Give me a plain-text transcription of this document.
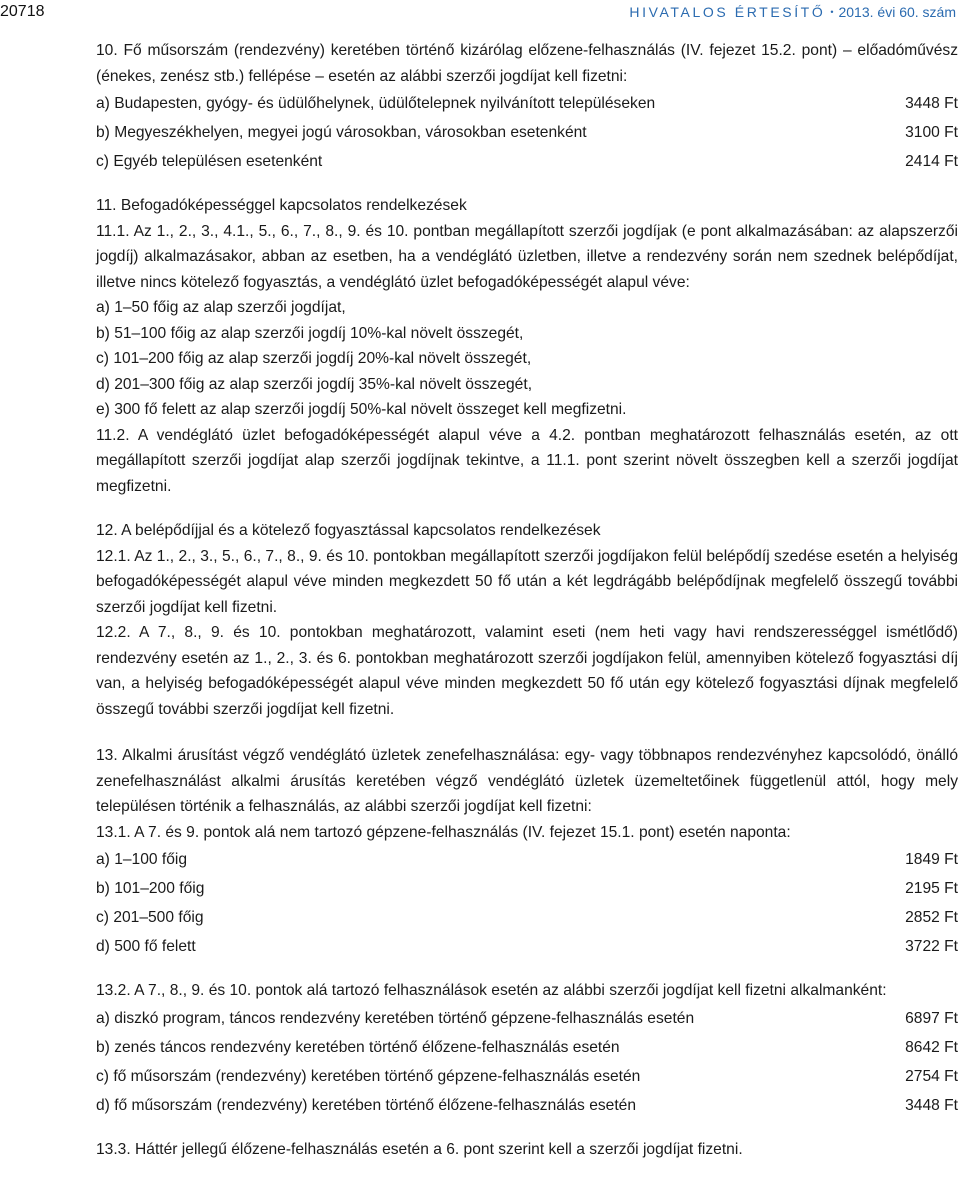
20718	HIVATALOS ÉRTESÍTŐ • 2013. évi 60. szám

10. Fő műsorszám (rendezvény) keretében történő kizárólag előzene-felhasználás (IV. fejezet 15.2. pont) – előadóművész (énekes, zenész stb.) fellépése – esetén az alábbi szerzői jogdíjat kell fizetni:

a) Budapesten, gyógy- és üdülőhelynek, üdülőtelepnek nyilvánított településeken	3448 Ft
b) Megyeszékhelyen, megyei jogú városokban, városokban esetenként	3100 Ft
c) Egyéb településen esetenként	2414 Ft

11. Befogadóképességgel kapcsolatos rendelkezések

11.1. Az 1., 2., 3., 4.1., 5., 6., 7., 8., 9. és 10. pontban megállapított szerzői jogdíjak (e pont alkalmazásában: az alapszerzői jogdíj) alkalmazásakor, abban az esetben, ha a vendéglátó üzletben, illetve a rendezvény során nem szednek belépődíjat, illetve nincs kötelező fogyasztás, a vendéglátó üzlet befogadóképességét alapul véve:

a) 1–50 főig az alap szerzői jogdíjat,

b) 51–100 főig az alap szerzői jogdíj 10%-kal növelt összegét,

c) 101–200 főig az alap szerzői jogdíj 20%-kal növelt összegét,

d) 201–300 főig az alap szerzői jogdíj 35%-kal növelt összegét,

e) 300 fő felett az alap szerzői jogdíj 50%-kal növelt összeget kell megfizetni.

11.2. A vendéglátó üzlet befogadóképességét alapul véve a 4.2. pontban meghatározott felhasználás esetén, az ott megállapított szerzői jogdíjat alap szerzői jogdíjnak tekintve, a 11.1. pont szerint növelt összegben kell a szerzői jogdíjat megfizetni.

12. A belépődíjjal és a kötelező fogyasztással kapcsolatos rendelkezések

12.1. Az 1., 2., 3., 5., 6., 7., 8., 9. és 10. pontokban megállapított szerzői jogdíjakon felül belépődíj szedése esetén a helyiség befogadóképességét alapul véve minden megkezdett 50 fő után a két legdrágább belépődíjnak megfelelő összegű további szerzői jogdíjat kell fizetni.

12.2. A 7., 8., 9. és 10. pontokban meghatározott, valamint eseti (nem heti vagy havi rendszerességgel ismétlődő) rendezvény esetén az 1., 2., 3. és 6. pontokban meghatározott szerzői jogdíjakon felül, amennyiben kötelező fogyasztási díj van, a helyiség befogadóképességét alapul véve minden megkezdett 50 fő után egy kötelező fogyasztási díjnak megfelelő összegű további szerzői jogdíjat kell fizetni.

13. Alkalmi árusítást végző vendéglátó üzletek zenefelhasználása: egy- vagy többnapos rendezvényhez kapcsolódó, önálló zenefelhasználást alkalmi árusítás keretében végző vendéglátó üzletek üzemeltetőinek függetlenül attól, hogy mely településen történik a felhasználás, az alábbi szerzői jogdíjat kell fizetni:

13.1. A 7. és 9. pontok alá nem tartozó gépzene-felhasználás (IV. fejezet 15.1. pont) esetén naponta:

a) 1–100 főig	1849 Ft
b) 101–200 főig	2195 Ft
c) 201–500 főig	2852 Ft
d) 500 fő felett	3722 Ft

13.2. A 7., 8., 9. és 10. pontok alá tartozó felhasználások esetén az alábbi szerzői jogdíjat kell fizetni alkalmanként:

a) diszkó program, táncos rendezvény keretében történő gépzene-felhasználás esetén	6897 Ft
b) zenés táncos rendezvény keretében történő élőzene-felhasználás esetén	8642 Ft
c) fő műsorszám (rendezvény) keretében történő gépzene-felhasználás esetén	2754 Ft
d) fő műsorszám (rendezvény) keretében történő élőzene-felhasználás esetén	3448 Ft

13.3. Háttér jellegű élőzene-felhasználás esetén a 6. pont szerint kell a szerzői jogdíjat fizetni.
